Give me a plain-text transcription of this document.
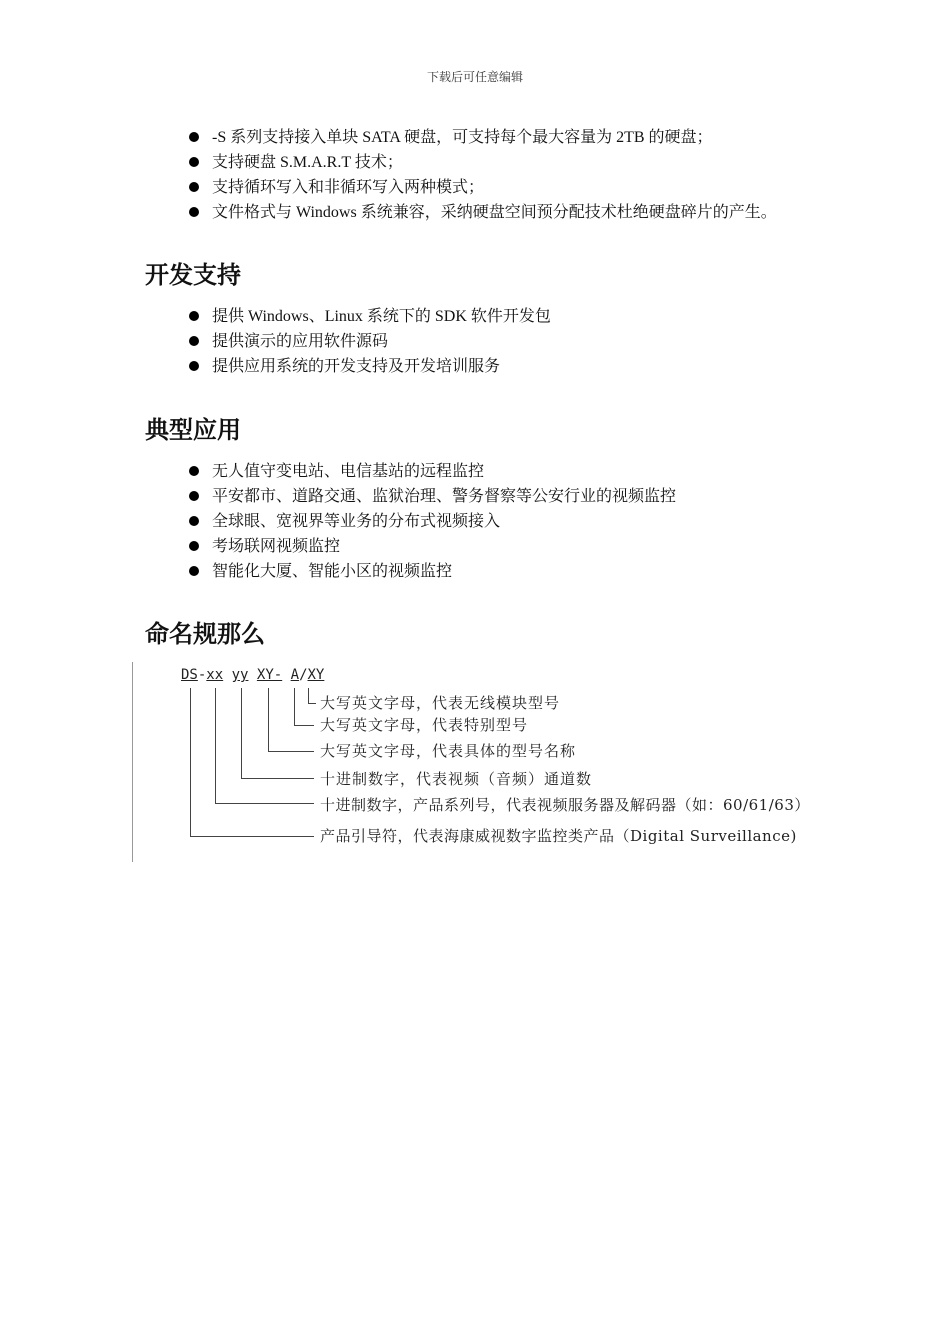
下载后可任意编辑
-S 系列支持接入单块 SATA 硬盘，可支持每个最大容量为 2TB 的硬盘；
支持硬盘 S.M.A.R.T 技术；
支持循环写入和非循环写入两种模式；
文件格式与 Windows 系统兼容，采纳硬盘空间预分配技术杜绝硬盘碎片的产生。
开发支持
提供 Windows、Linux 系统下的 SDK 软件开发包
提供演示的应用软件源码
提供应用系统的开发支持及开发培训服务
典型应用
无人值守变电站、电信基站的远程监控
平安都市、道路交通、监狱治理、警务督察等公安行业的视频监控
全球眼、宽视界等业务的分布式视频接入
考场联网视频监控
智能化大厦、智能小区的视频监控
命名规那么
DS-xx yy XY- A/XY
大写英文字母，代表无线模块型号
大写英文字母，代表特别型号
大写英文字母，代表具体的型号名称
十进制数字，代表视频（音频）通道数
十进制数字，产品系列号，代表视频服务器及解码器（如：60/61/63）
产品引导符，代表海康威视数字监控类产品（Digital Surveillance)
